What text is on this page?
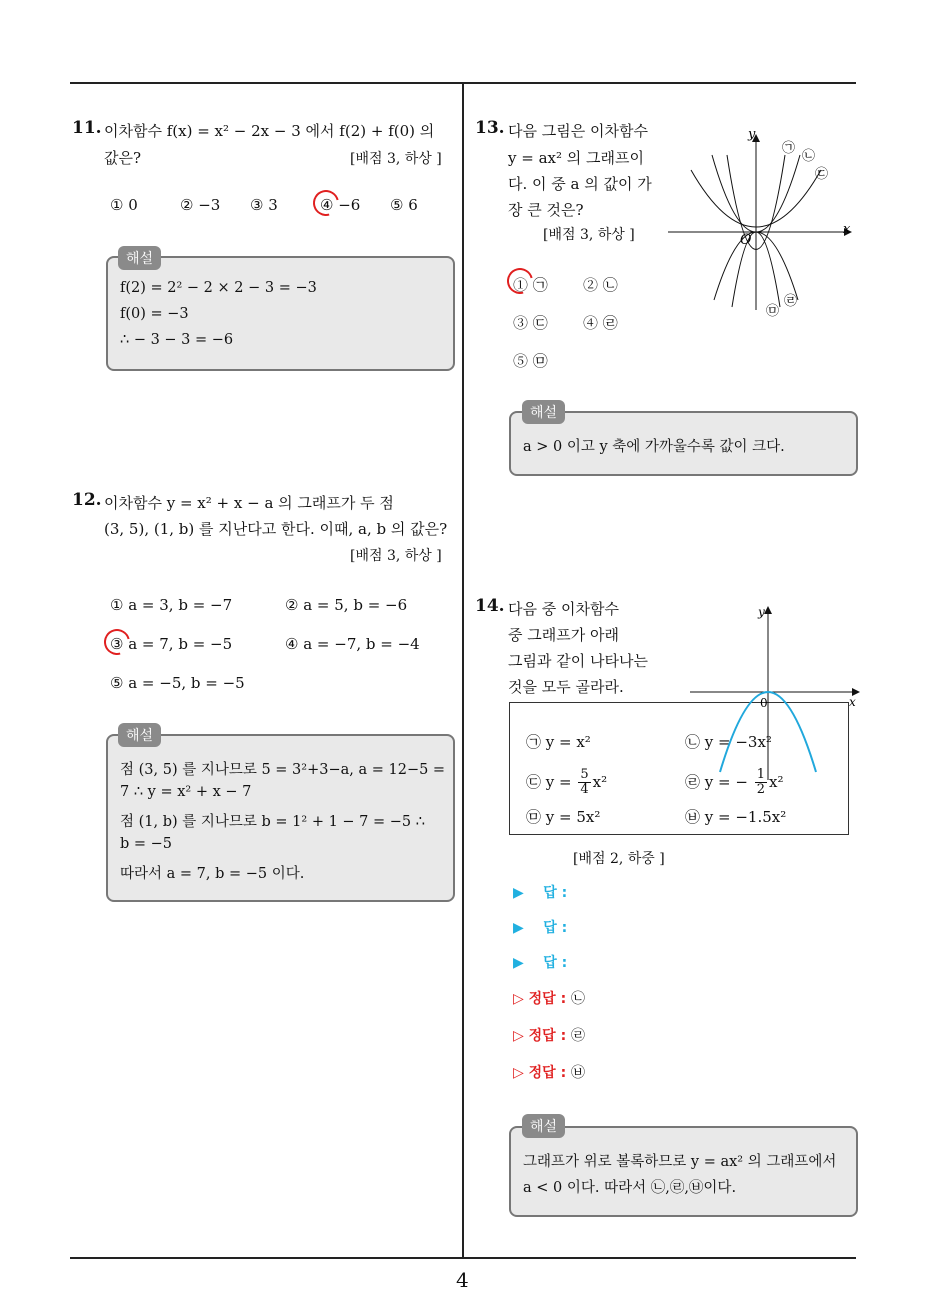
11. 이차함수 f(x) = x² − 2x − 3 에서 f(2) + f(0) 의
값은?	[배점 3, 하상 ]
① 0	② −3 ③ 3	④ −6 ⑤ 6
f(2) = 2² − 2 × 2 − 3 = −3
f(0) = −3
∴ − 3 − 3 = −6
해설
12. 이차함수 y = x² + x − a 의 그래프가 두 점
(3, 5), (1, b) 를 지난다고 한다. 이때, a, b 의 값은?
[배점 3, 하상 ]
① a = 3, b = −7	② a = 5, b = −6
③ a = 7, b = −5	④ a = −7, b = −4
⑤ a = −5, b = −5
점 (3, 5) 를 지나므로 5 = 3²+3−a, a = 12−5 =
7 ∴ y = x² + x − 7
점 (1, b) 를 지나므로 b = 1² + 1 − 7 = −5 ∴
b = −5
따라서 a = 7, b = −5 이다.
해설
13. 다음 그림은 이차함수
y = ax² 의 그래프이
다. 이 중 a 의 값이 가
장 큰 것은?
[배점 3, 하상 ]
y
x
O
㉠
㉡
㉢
㉣
㉤
① ㉠ ② ㉡
③ ㉢ ④ ㉣
⑤ ㉤
a > 0 이고 y 축에 가까울수록 값이 크다.
해설
14. 다음 중 이차함수
중 그래프가 아래
그림과 같이 나타나는
것을 모두 골라라.
㉠ y = x²	㉡ y = −3x²
㉢ $y = \frac{5}{4} x^2$	㉣ y = − $\frac{1}{2} x^2$
㉤ y = 5x²	㉥ y = −1.5x²
y
x
0
[배점 2, 하중 ]
▶ 답 :
▶ 답 :
▶ 답 :
▷ 정답 : ㉡
▷ 정답 : ㉣
▷ 정답 : ㉥
그래프가 위로 볼록하므로 y = ax² 의 그래프에서
a < 0 이다. 따라서 ㉡,㉣,㉥이다.
해설
4
